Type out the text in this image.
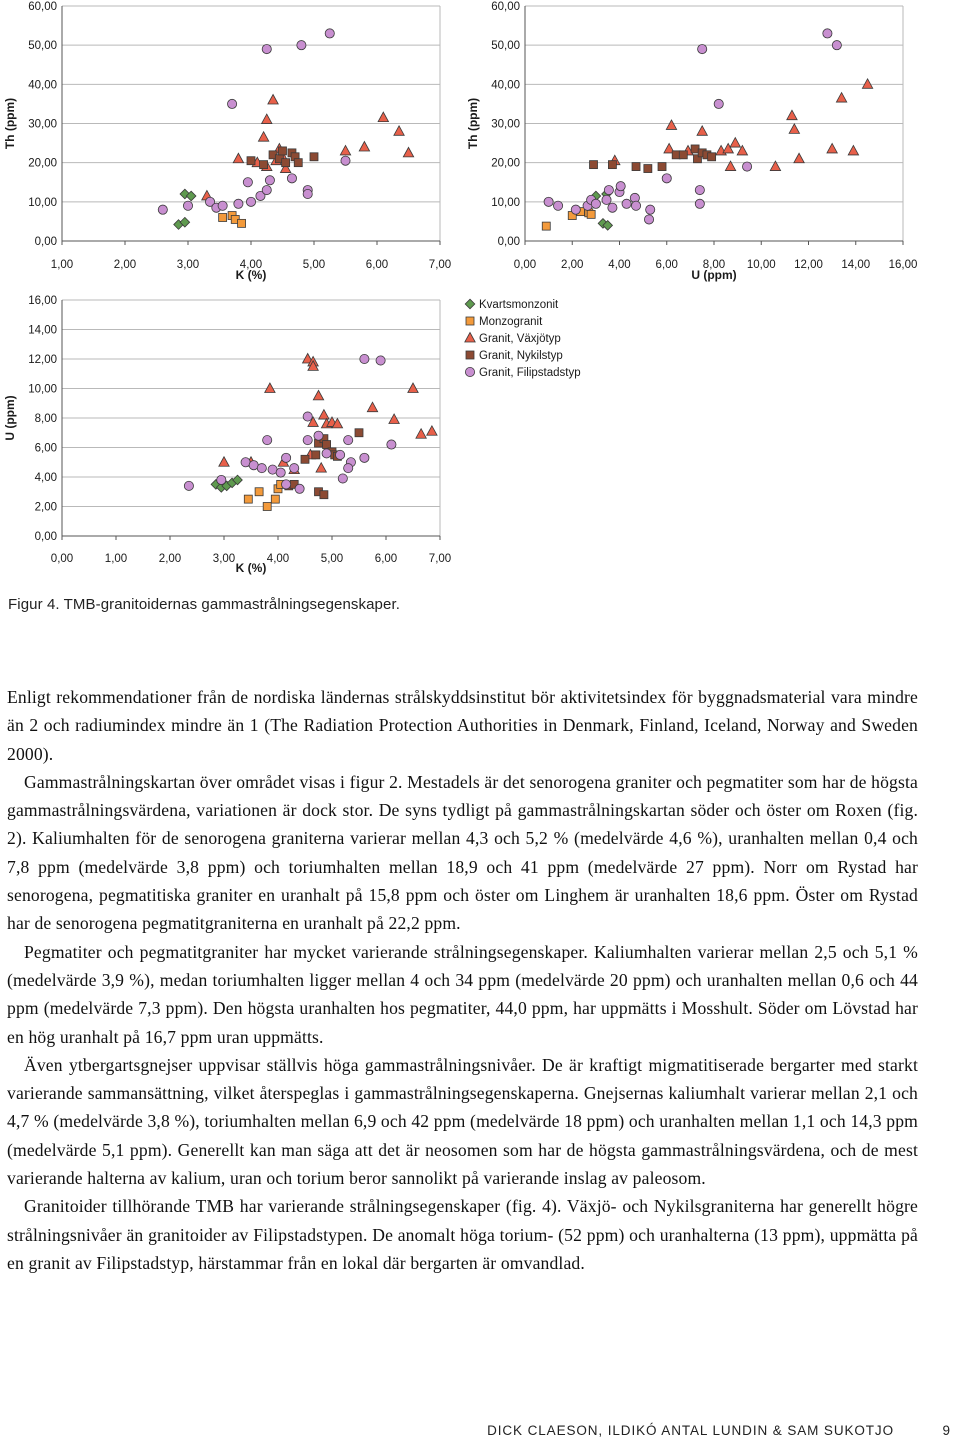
0,00
10,00
20,00
30,00
40,00
50,00
60,00
1,00	2,00	3,00	4,00	5,00	6,00	7,00
K (%)
Th (ppm)
0,00
10,00
20,00
30,00
40,00
50,00
60,00
0,00 2,00 4,00 6,00 8,00 10,00 12,00 14,00 16,00
U (ppm)
Th (ppm)
0,00
2,00
4,00
6,00
8,00
10,00
12,00
14,00
16,00
0,00	1,00	2,00	3,00	4,00	5,00	6,00	7,00
K (%)
U (ppm)
Kvartsmonzonit
Monzogranit
Granit, Växjötyp
Granit, Nykilstyp
Granit, Filipstadstyp
Figur 4. TMB-granitoidernas gammastrålningsegenskaper.

Enligt rekommendationer från de nordiska ländernas strålskyddsinstitut bör aktivitetsindex för byggnadsmaterial vara mindre än 2 och radiumindex mindre än 1 (The Radiation Protection Authorities in Denmark, Finland, Iceland, Norway and Sweden 2000).

Gammastrålningskartan över området visas i figur 2. Mestadels är det senorogena graniter och pegmatiter som har de högsta gammastrålningsvärdena, variationen är dock stor. De syns tydligt på gammastrålningskartan söder och öster om Roxen (fig. 2). Kaliumhalten för de senorogena graniterna varierar mellan 4,3 och 5,2 % (medelvärde 4,6 %), uranhalten mellan 0,4 och 7,8 ppm (medelvärde 3,8 ppm) och toriumhalten mellan 18,9 och 41 ppm (medelvärde 27 ppm). Norr om Rystad har senorogena, pegmatitiska graniter en uranhalt på 15,8 ppm och öster om Linghem är uranhalten 18,6 ppm. Öster om Rystad har de senorogena pegmatitgraniterna en uranhalt på 22,2 ppm.

Pegmatiter och pegmatitgraniter har mycket varierande strålningsegenskaper. Kaliumhalten varierar mellan 2,5 och 5,1 % (medelvärde 3,9 %), medan toriumhalten ligger mellan 4 och 34 ppm (medelvärde 20 ppm) och uranhalten mellan 0,6 och 44 ppm (medelvärde 7,3 ppm). Den högsta uranhalten hos pegmatiter, 44,0 ppm, har uppmätts i Mosshult. Söder om Lövstad har en hög uranhalt på 16,7 ppm uran uppmätts.

Även ytbergartsgnejser uppvisar ställvis höga gammastrålningsnivåer. De är kraftigt migmatitiserade bergarter med starkt varierande sammansättning, vilket återspeglas i gammastrålningsegenskaperna. Gnejsernas kaliumhalt varierar mellan 2,1 och 4,7 % (medelvärde 3,8 %), toriumhalten mellan 6,9 och 42 ppm (medelvärde 18 ppm) och uranhalten mellan 1,1 och 14,3 ppm (medelvärde 5,1 ppm). Generellt kan man säga att det är neosomen som har de högsta gammastrålningsvärdena, och de mest varierande halterna av kalium, uran och torium beror sannolikt på varierande inslag av paleosom.

Granitoider tillhörande TMB har varierande strålningsegenskaper (fig. 4). Växjö- och Nykilsgraniterna har generellt högre strålningsnivåer än granitoider av Filipstadstypen. De anomalt höga torium- (52 ppm) och uranhalterna (13 ppm), uppmätta på en granit av Filipstadstyp, härstammar från en lokal där bergarten är omvandlad.

DICK CLAESON, ILDIKÓ ANTAL LUNDIN & SAM SUKOTJO	9
